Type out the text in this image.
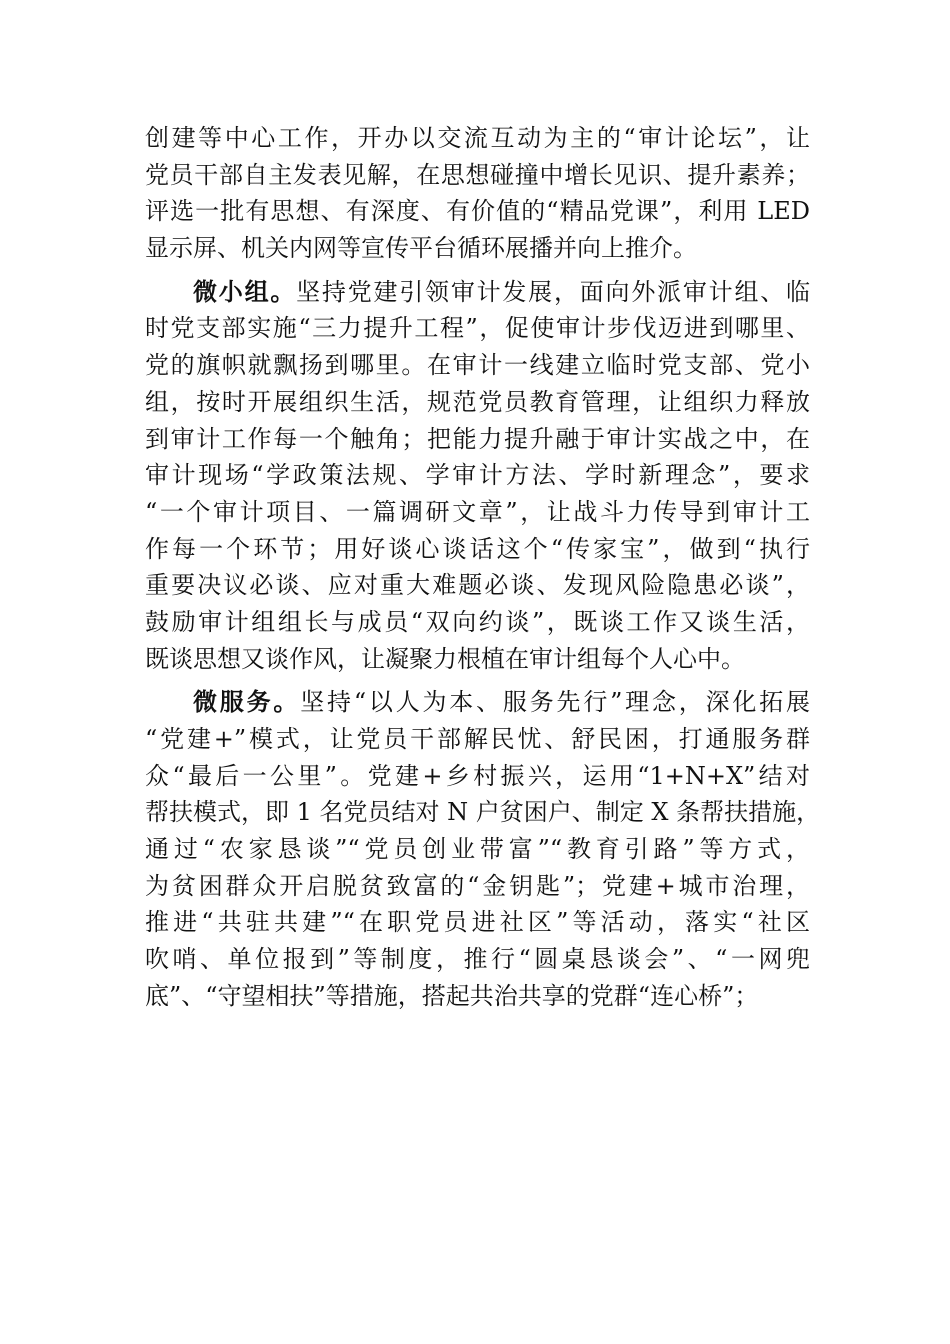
创建等中心工作，开办以交流互动为主的“审计论坛”，让
党员干部自主发表见解，在思想碰撞中增长见识、提升素养；
评选一批有思想、有深度、有价值的“精品党课”，利用 LED
显示屏、机关内网等宣传平台循环展播并向上推介。
微小组。坚持党建引领审计发展，面向外派审计组、临
时党支部实施“三力提升工程”，促使审计步伐迈进到哪里、
党的旗帜就飘扬到哪里。在审计一线建立临时党支部、党小
组，按时开展组织生活，规范党员教育管理，让组织力释放
到审计工作每一个触角；把能力提升融于审计实战之中，在
审计现场“学政策法规、学审计方法、学时新理念”，要求
“一个审计项目、一篇调研文章”，让战斗力传导到审计工
作每一个环节；用好谈心谈话这个“传家宝”，做到“执行
重要决议必谈、应对重大难题必谈、发现风险隐患必谈”，
鼓励审计组组长与成员“双向约谈”，既谈工作又谈生活，
既谈思想又谈作风，让凝聚力根植在审计组每个人心中。
微服务。坚持“以人为本、服务先行”理念，深化拓展
“党建+”模式，让党员干部解民忧、舒民困，打通服务群
众“最后一公里”。党建+乡村振兴，运用“1+N+X”结对
帮扶模式，即 1 名党员结对 N 户贫困户、制定 X 条帮扶措施，
通过“农家恳谈”“党员创业带富”“教育引路”等方式，
为贫困群众开启脱贫致富的“金钥匙”；党建+城市治理，
推进“共驻共建”“在职党员进社区”等活动，落实“社区
吹哨、单位报到”等制度，推行“圆桌恳谈会”、“一网兜
底”、“守望相扶”等措施，搭起共治共享的党群“连心桥”；
